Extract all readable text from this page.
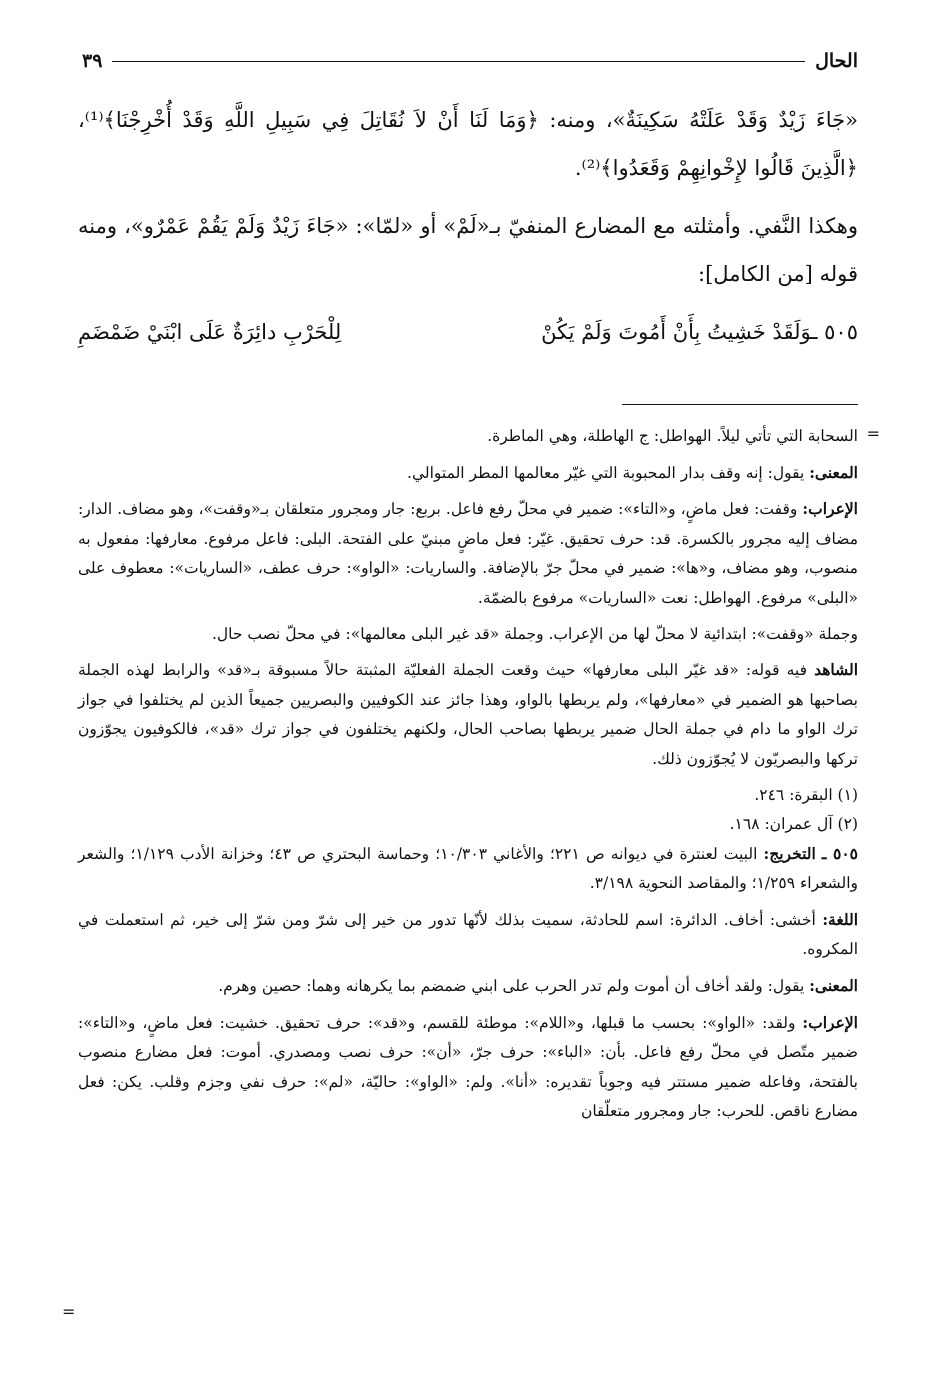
الحال
٣٩

«جَاءَ زَيْدٌ وَقَدْ عَلَتْهُ سَكِينَةٌ»، ومنه: ﴿وَمَا لَنَا أَنْ لاَ نُقَاتِلَ فِي سَبِيلِ اللَّهِ وَقَدْ أُخْرِجْنَا﴾⁽¹⁾، ﴿الَّذِينَ قَالُوا لإِخْوانِهِمْ وَقَعَدُوا﴾⁽²⁾.

وهكذا النَّفي. وأمثلته مع المضارع المنفيّ بـ«لَمْ» أو «لمّا»: «جَاءَ زَيْدٌ وَلَمْ يَقُمْ عَمْرٌو»، ومنه قوله [من الكامل]:

٥٠٥ ـوَلَقَدْ خَشِيتُ بِأَنْ أَمُوتَ وَلَمْ يَكُنْ
لِلْحَرْبِ دائِرَةٌ عَلَى ابْنَيْ ضَمْضَمِ
=

السحابة التي تأتي ليلاً. الهواطل: ج الهاطلة، وهي الماطرة.

المعنى: يقول: إنه وقف بدار المحبوبة التي غيّر معالمها المطر المتوالي.

الإعراب: وقفت: فعل ماضٍ، و«التاء»: ضمير في محلّ رفع فاعل. بربع: جار ومجرور متعلقان بـ«وقفت»، وهو مضاف. الدار: مضاف إليه مجرور بالكسرة. قد: حرف تحقيق. غيّر: فعل ماضٍ مبنيّ على الفتحة. البلى: فاعل مرفوع. معارفها: مفعول به منصوب، وهو مضاف، و«ها»: ضمير في محلّ جرّ بالإضافة. والساريات: «الواو»: حرف عطف، «الساريات»: معطوف على «البلى» مرفوع. الهواطل: نعت «الساريات» مرفوع بالضمّة.

وجملة «وقفت»: ابتدائية لا محلّ لها من الإعراب. وجملة «قد غير البلى معالمها»: في محلّ نصب حال.

الشاهد فيه قوله: «قد غيّر البلى معارفها» حيث وقعت الجملة الفعليّة المثبتة حالاً مسبوقة بـ«قد» والرابط لهذه الجملة بصاحبها هو الضمير في «معارفها»، ولم يربطها بالواو، وهذا جائز عند الكوفيين والبصريين جميعاً الذين لم يختلفوا في جواز ترك الواو ما دام في جملة الحال ضمير يربطها بصاحب الحال، ولكنهم يختلفون في جواز ترك «قد»، فالكوفيون يجوّزون تركها والبصريّون لا يُجوّزون ذلك.

(١) البقرة: ٢٤٦.
(٢) آل عمران: ١٦٨.

٥٠٥ ـ التخريج: البيت لعنترة في ديوانه ص ٢٢١؛ والأغاني ١٠/٣٠٣؛ وحماسة البحتري ص ٤٣؛ وخزانة الأدب ١/١٢٩؛ والشعر والشعراء ١/٢٥٩؛ والمقاصد النحوية ٣/١٩٨.

اللغة: أخشى: أخاف. الدائرة: اسم للحادثة، سميت بذلك لأنّها تدور من خير إلى شرّ ومن شرّ إلى خير، ثم استعملت في المكروه.

المعنى: يقول: ولقد أخاف أن أموت ولم تدر الحرب على ابني ضمضم بما يكرهانه وهما: حصين وهرم.

الإعراب: ولقد: «الواو»: بحسب ما قبلها، و«اللام»: موطئة للقسم، و«قد»: حرف تحقيق. خشيت: فعل ماضٍ، و«التاء»: ضمير متّصل في محلّ رفع فاعل. بأن: «الباء»: حرف جرّ، «أن»: حرف نصب ومصدري. أموت: فعل مضارع منصوب بالفتحة، وفاعله ضمير مستتر فيه وجوباً تقديره: «أنا». ولم: «الواو»: حاليّة، «لم»: حرف نفي وجزم وقلب. يكن: فعل مضارع ناقص. للحرب: جار ومجرور متعلّقان

=
